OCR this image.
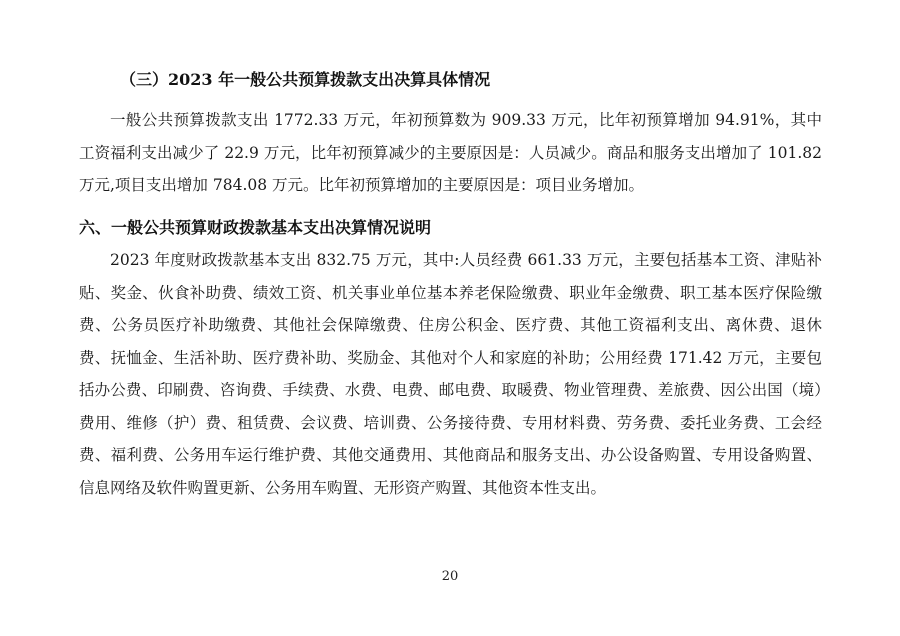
（三）2023 年一般公共预算拨款支出决算具体情况

一般公共预算拨款支出 1772.33 万元，年初预算数为 909.33 万元，比年初预算增加 94.91%，其中工资福利支出减少了 22.9 万元，比年初预算减少的主要原因是：人员减少。商品和服务支出增加了 101.82 万元,项目支出增加 784.08 万元。比年初预算增加的主要原因是：项目业务增加。

六、一般公共预算财政拨款基本支出决算情况说明

2023 年度财政拨款基本支出 832.75 万元，其中:人员经费 661.33 万元，主要包括基本工资、津贴补贴、奖金、伙食补助费、绩效工资、机关事业单位基本养老保险缴费、职业年金缴费、职工基本医疗保险缴费、公务员医疗补助缴费、其他社会保障缴费、住房公积金、医疗费、其他工资福利支出、离休费、退休费、抚恤金、生活补助、医疗费补助、奖励金、其他对个人和家庭的补助；公用经费 171.42 万元，主要包括办公费、印刷费、咨询费、手续费、水费、电费、邮电费、取暖费、物业管理费、差旅费、因公出国（境）费用、维修（护）费、租赁费、会议费、培训费、公务接待费、专用材料费、劳务费、委托业务费、工会经费、福利费、公务用车运行维护费、其他交通费用、其他商品和服务支出、办公设备购置、专用设备购置、信息网络及软件购置更新、公务用车购置、无形资产购置、其他资本性支出。

20
